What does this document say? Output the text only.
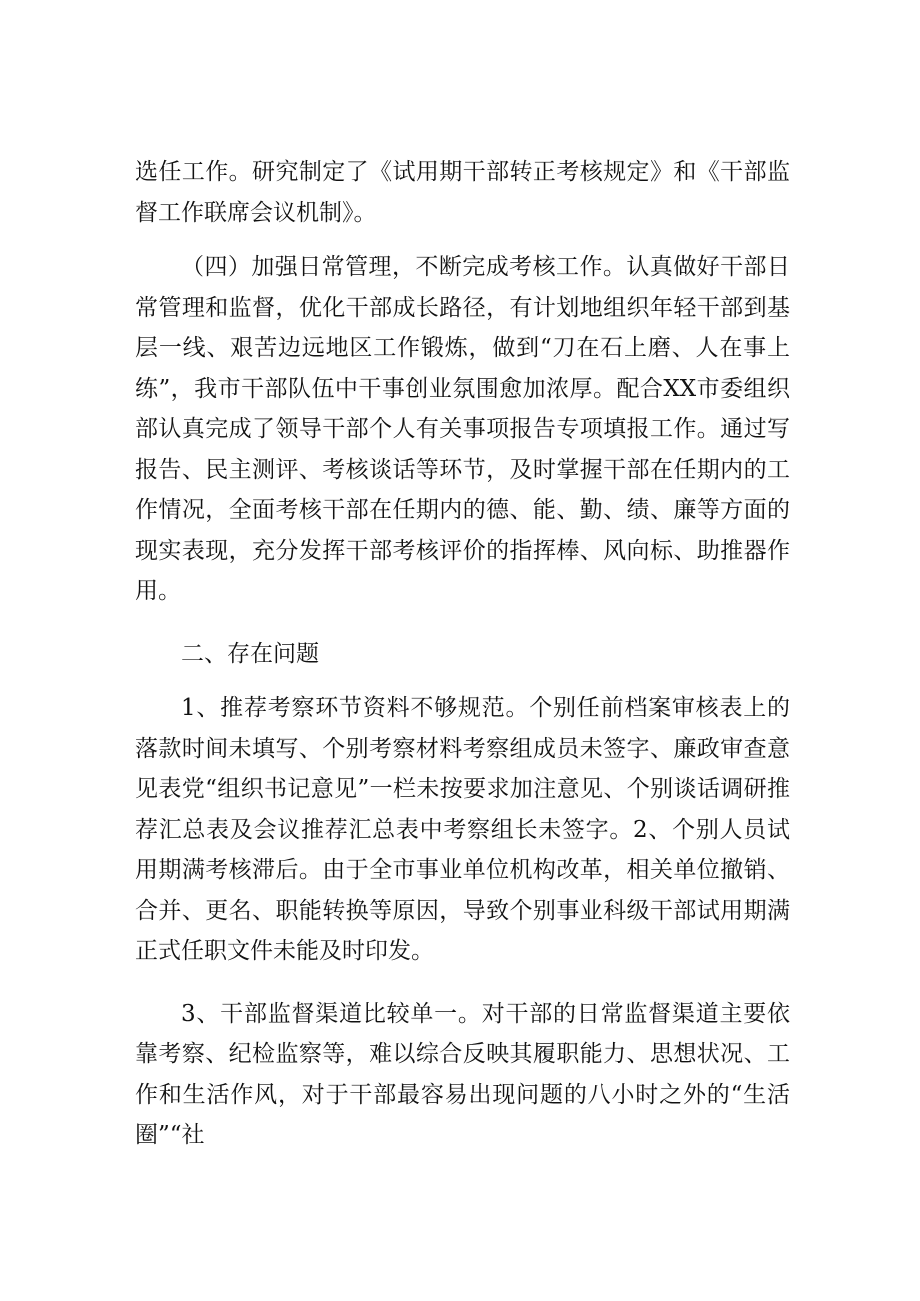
选任工作。研究制定了《试用期干部转正考核规定》和《干部监督工作联席会议机制》。

（四）加强日常管理，不断完成考核工作。认真做好干部日常管理和监督，优化干部成长路径，有计划地组织年轻干部到基层一线、艰苦边远地区工作锻炼，做到“刀在石上磨、人在事上练”，我市干部队伍中干事创业氛围愈加浓厚。配合XX市委组织部认真完成了领导干部个人有关事项报告专项填报工作。通过写报告、民主测评、考核谈话等环节，及时掌握干部在任期内的工作情况，全面考核干部在任期内的德、能、勤、绩、廉等方面的现实表现，充分发挥干部考核评价的指挥棒、风向标、助推器作用。

二、存在问题

1、推荐考察环节资料不够规范。个别任前档案审核表上的落款时间未填写、个别考察材料考察组成员未签字、廉政审查意见表党“组织书记意见”一栏未按要求加注意见、个别谈话调研推荐汇总表及会议推荐汇总表中考察组长未签字。2、个别人员试用期满考核滞后。由于全市事业单位机构改革，相关单位撤销、合并、更名、职能转换等原因，导致个别事业科级干部试用期满正式任职文件未能及时印发。

3、干部监督渠道比较单一。对干部的日常监督渠道主要依靠考察、纪检监察等，难以综合反映其履职能力、思想状况、工作和生活作风，对于干部最容易出现问题的八小时之外的“生活圈”“社
